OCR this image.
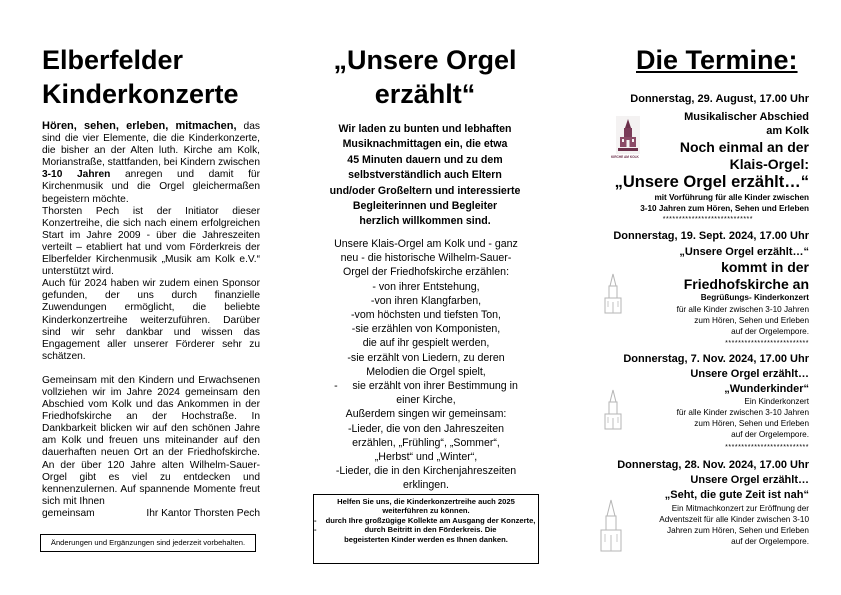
Elberfelder
Kinderkonzerte

Hören, sehen, erleben, mitmachen, das sind die vier Elemente, die die Kinderkonzerte, die bisher an der Alten luth. Kirche am Kolk, Morianstraße, stattfanden, bei Kindern zwischen 3-10 Jahren anregen und damit für Kirchenmusik und die Orgel gleichermaßen begeistern möchte.

Thorsten Pech ist der Initiator dieser Konzertreihe, die sich nach einem erfolgreichen Start im Jahre 2009 - über die Jahreszeiten verteilt – etabliert hat und vom Förderkreis der Elberfelder Kirchenmusik „Musik am Kolk e.V.“ unterstützt wird.

Auch für 2024 haben wir zudem einen Sponsor gefunden, der uns durch finanzielle Zuwendungen ermöglicht, die beliebte Kinderkonzertreihe weiterzuführen. Darüber sind wir sehr dankbar und wissen das Engagement aller unserer Förderer sehr zu schätzen.

Gemeinsam mit den Kindern und Erwachsenen vollziehen wir im Jahre 2024 gemeinsam den Abschied vom Kolk und das Ankommen in der Friedhofskirche an der Hochstraße. In Dankbarkeit blicken wir auf den schönen Jahre am Kolk und freuen uns miteinander auf den dauerhaften neuen Ort an der Friedhofskirche. An der über 120 Jahre alten Wilhelm-Sauer-Orgel gibt es viel zu entdecken und kennenzulernen. Auf spannende Momente freut sich mit Ihnen

gemeinsam	Ihr Kantor Thorsten Pech
Änderungen und Ergänzungen sind jederzeit vorbehalten.
„Unsere Orgel
erzählt“
Wir laden zu bunten und lebhaften
Musiknachmittagen ein, die etwa
45 Minuten dauern und zu dem
selbstverständlich auch Eltern
und/oder Großeltern und interessierte
Begleiterinnen und Begleiter
herzlich willkommen sind.
Unsere Klais-Orgel am Kolk und - ganz
neu - die historische Wilhelm-Sauer-
Orgel der Friedhofskirche erzählen:
- von ihrer Entstehung,
-von ihren Klangfarben,
-vom höchsten und tiefsten Ton,
-sie erzählen von Komponisten,
die auf ihr gespielt werden,
-sie erzählt von Liedern, zu deren
Melodien die Orgel spielt,
-     sie erzählt von ihrer Bestimmung in
einer Kirche,
Außerdem singen wir gemeinsam:
-Lieder, die von den Jahreszeiten
erzählen, „Frühling“, „Sommer“,
„Herbst“ und „Winter“,
-Lieder, die in den Kirchenjahreszeiten
erklingen.
Helfen Sie uns, die Kinderkonzertreihe auch 2025
weiterführen zu können.
-	durch Ihre großzügige Kollekte am Ausgang der Konzerte,
-	durch Beitritt in den Förderkreis. Die
begeisterten Kinder werden es Ihnen danken.
Die Termine:
Donnerstag, 29. August, 17.00 Uhr
Musikalischer Abschied
am Kolk
Noch einmal an der
Klais-Orgel:
„Unsere Orgel erzählt…“
mit Vorführung für alle Kinder zwischen
3-10 Jahren zum Hören, Sehen und Erleben
****************************
KIRCHE AM KOLK
Donnerstag, 19. Sept. 2024, 17.00 Uhr
„Unsere Orgel erzählt…“
kommt in der
Friedhofskirche an
Begrüßungs- Kinderkonzert
für alle Kinder zwischen 3-10 Jahren
zum Hören, Sehen und Erleben
auf der Orgelempore.
**************************
Donnerstag, 7. Nov. 2024, 17.00 Uhr
Unsere Orgel erzählt…
„Wunderkinder“
Ein Kinderkonzert
für alle Kinder zwischen 3-10 Jahren
zum Hören, Sehen und Erleben
auf der Orgelempore.
**************************
Donnerstag, 28. Nov. 2024, 17.00 Uhr
Unsere Orgel erzählt…
„Seht, die gute Zeit ist nah“
Ein Mitmachkonzert zur Eröffnung der
Adventszeit für alle Kinder zwischen 3-10
Jahren zum Hören, Sehen und Erleben
auf der Orgelempore.
